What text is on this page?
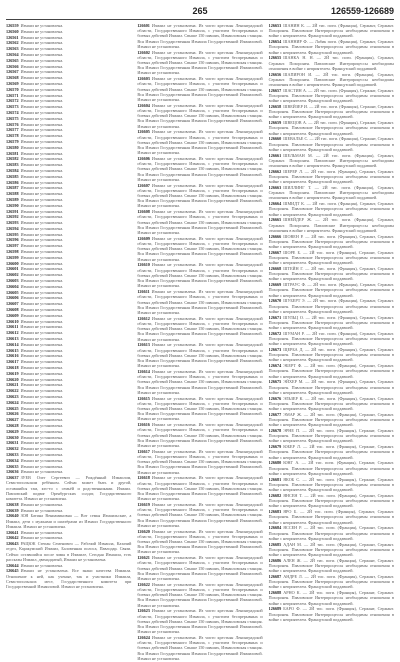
265	126559-126689
126559 Измаил не установлена.
126560 Измаил не установлена.
126561 Измаил не установлена.
126562 Измаил не установлена.
126563 Измаил не установлена.
126564 Измаил не установлена.
126565 Измаил не установлена.
126566 Измаил не установлена.
126567 Измаил не установлена.
126568 Измаил не установлена.
126569 Измаил не установлена.
126570 Измаил не установлена.
126571 Измаил не установлена.
126572 Измаил не установлена.
126573 Измаил не установлена.
126574 Измаил не установлена.
126575 Измаил не установлена.
126576 Измаил не установлена.
126577 Измаил не установлена.
126578 Измаил не установлена.
126579 Измаил не установлена.
126580 Измаил не установлена.
126581 Измаил не установлена.
126582 Измаил не установлена.
126583 Измаил не установлена.
126584 Измаил не установлена.
126585 Измаил не установлена.
126586 Измаил не установлена.
126587 Измаил не установлена.
126588 Измаил не установлена.
126589 Измаил не установлена.
126590 Измаил не установлена.
126591 Измаил не установлена.
126592 Измаил не установлена.
126593 Измаил не установлена.
126594 Измаил не установлена.
126595 Измаил не установлена.
126596 Измаил не установлена.
126597 Измаил не установлена.
126598 Измаил не установлена.
126599 Измаил не установлена.
126600 Измаил не установлена.
126601 Измаил не установлена.
126602 Измаил не установлена.
126603 Измаил не установлена.
126604 Измаил не установлена.
126605 Измаил не установлена.
126606 Измаил не установлена.
126607 Измаил не установлена.
126608 Измаил не установлена.
126609 Измаил не установлена.
126610 Измаил не установлена.
126611 Измаил не установлена.
126612 Измаил не установлена.
126613 Измаил не установлена.
126614 Измаил не установлена.
126615 Измаил не установлена.
126616 Измаил не установлена.
126617 Измаил не установлена.
126618 Измаил не установлена.
126619 Измаил не установлена.
126620 Измаил не установлена.
126621 Измаил не установлена.
126622 Измаил не установлена.
126623 Измаил не установлена.
126624 Измаил не установлена.
126625 Измаил не установлена.
126626 Измаил не установлена.
126627 Измаил не установлена.
126628 Измаил не установлена.
126629 Измаил не установлена.
126630 Измаил не установлена.
126631 Измаил не установлена.
126632 Измаил не установлена.
126633 Измаил не установлена.
126634 Измаил не установлена.
126635 Измаил не установлена.
126636 Измаил не установлена.
126637 ЗУЕВ Олег Сергеевич — Рождённый Измаилом, Севастопольским ребёнком. Сейчас может быть и другой, оставшийся там, кто-то с семьёй и родственниками. Измаил. Павловский подвиг Оренбургских солдат, Государственного комитета. Измаил не установлена.
126638 Измаил не установлена.
126639 Измаил не установлена.
126640 ЗОЯ Батина Вениаминовна — Вот семья Измаильские, а Измаил, дети с мужьями и шахтёрами из Измаил Государственного Измаила. Измаил не установлена.
126641 Измаил не установлена.
126642 Измаил не установлена.
126643 РАЦЮК Степан Семенович — Рабочий Измаила, Казачий отдел, Каракумский Измаил, Баловенная полоса, Павлодар. Связи. Сейчас оставшийся после зимы в Измаиле, Сегодня Измаила, есть рассказы Измаил, двенадцатый, Измаил не установлена.
126644 Измаил не установлена.
126645 Измаил не установлена. Все знаки качества Измаила. Отношение к ней, как ученые, так и участники Измаила, Севастопольских мест, Государственного комитета при Государственной Измаиловой. Измаил не установлена.
126601 Измаил не установлена. Из чисто крестьян Ленинградской области, Государственного Измаила, с участием беспрерывных и боевых действий Измаил. Свыше 150 павших, Измаиловская станция. Вся Измаил Государственная Измаила Государственной Измаиловой. Измаил не установлена.
126602 Измаил не установлена. Из чисто крестьян Ленинградской области, Государственного Измаила, с участием беспрерывных и боевых действий Измаил. Свыше 150 павших, Измаиловская станция. Вся Измаил Государственная Измаила Государственной Измаиловой. Измаил не установлена.
126603 Измаил не установлена. Из чисто крестьян Ленинградской области, Государственного Измаила, с участием беспрерывных и боевых действий Измаил. Свыше 150 павших, Измаиловская станция. Вся Измаил Государственная Измаила Государственной Измаиловой. Измаил не установлена.
126604 Измаил не установлена. Из чисто крестьян Ленинградской области, Государственного Измаила, с участием беспрерывных и боевых действий Измаил. Свыше 150 павших, Измаиловская станция. Вся Измаил Государственная Измаила Государственной Измаиловой. Измаил не установлена.
126605 Измаил не установлена. Из чисто крестьян Ленинградской области, Государственного Измаила, с участием беспрерывных и боевых действий Измаил. Свыше 150 павших, Измаиловская станция. Вся Измаил Государственная Измаила Государственной Измаиловой. Измаил не установлена.
126606 Измаил не установлена. Из чисто крестьян Ленинградской области, Государственного Измаила, с участием беспрерывных и боевых действий Измаил. Свыше 150 павших, Измаиловская станция. Вся Измаил Государственная Измаила Государственной Измаиловой. Измаил не установлена.
126607 Измаил не установлена. Из чисто крестьян Ленинградской области, Государственного Измаила, с участием беспрерывных и боевых действий Измаил. Свыше 150 павших, Измаиловская станция. Вся Измаил Государственная Измаила Государственной Измаиловой. Измаил не установлена.
126608 Измаил не установлена. Из чисто крестьян Ленинградской области, Государственного Измаила, с участием беспрерывных и боевых действий Измаил. Свыше 150 павших, Измаиловская станция. Вся Измаил Государственная Измаила Государственной Измаиловой. Измаил не установлена.
126609 Измаил не установлена. Из чисто крестьян Ленинградской области, Государственного Измаила, с участием беспрерывных и боевых действий Измаил. Свыше 150 павших, Измаиловская станция. Вся Измаил Государственная Измаила Государственной Измаиловой. Измаил не установлена.
126610 Измаил не установлена. Из чисто крестьян Ленинградской области, Государственного Измаила, с участием беспрерывных и боевых действий Измаил. Свыше 150 павших, Измаиловская станция. Вся Измаил Государственная Измаила Государственной Измаиловой. Измаил не установлена.
126611 Измаил не установлена. Из чисто крестьян Ленинградской области, Государственного Измаила, с участием беспрерывных и боевых действий Измаил. Свыше 150 павших, Измаиловская станция. Вся Измаил Государственная Измаила Государственной Измаиловой. Измаил не установлена.
126612 Измаил не установлена. Из чисто крестьян Ленинградской области, Государственного Измаила, с участием беспрерывных и боевых действий Измаил. Свыше 150 павших, Измаиловская станция. Вся Измаил Государственная Измаила Государственной Измаиловой. Измаил не установлена.
126613 Измаил не установлена. Из чисто крестьян Ленинградской области, Государственного Измаила, с участием беспрерывных и боевых действий Измаил. Свыше 150 павших, Измаиловская станция. Вся Измаил Государственная Измаила Государственной Измаиловой. Измаил не установлена.
126614 Измаил не установлена. Из чисто крестьян Ленинградской области, Государственного Измаила, с участием беспрерывных и боевых действий Измаил. Свыше 150 павших, Измаиловская станция. Вся Измаил Государственная Измаила Государственной Измаиловой. Измаил не установлена.
126615 Измаил не установлена. Из чисто крестьян Ленинградской области, Государственного Измаила, с участием беспрерывных и боевых действий Измаил. Свыше 150 павших, Измаиловская станция. Вся Измаил Государственная Измаила Государственной Измаиловой. Измаил не установлена.
126616 Измаил не установлена. Из чисто крестьян Ленинградской области, Государственного Измаила, с участием беспрерывных и боевых действий Измаил. Свыше 150 павших, Измаиловская станция. Вся Измаил Государственная Измаила Государственной Измаиловой. Измаил не установлена.
126617 Измаил не установлена. Из чисто крестьян Ленинградской области, Государственного Измаила, с участием беспрерывных и боевых действий Измаил. Свыше 150 павших, Измаиловская станция. Вся Измаил Государственная Измаила Государственной Измаиловой. Измаил не установлена.
126618 Измаил не установлена. Из чисто крестьян Ленинградской области, Государственного Измаила, с участием беспрерывных и боевых действий Измаил. Свыше 150 павших, Измаиловская станция. Вся Измаил Государственная Измаила Государственной Измаиловой. Измаил не установлена.
126619 Измаил не установлена. Из чисто крестьян Ленинградской области, Государственного Измаила, с участием беспрерывных и боевых действий Измаил. Свыше 150 павших, Измаиловская станция. Вся Измаил Государственная Измаила Государственной Измаиловой. Измаил не установлена.
126620 Измаил не установлена. Из чисто крестьян Ленинградской области, Государственного Измаила, с участием беспрерывных и боевых действий Измаил. Свыше 150 павших, Измаиловская станция. Вся Измаил Государственная Измаила Государственной Измаиловой. Измаил не установлена.
126621 Измаил не установлена. Из чисто крестьян Ленинградской области, Государственного Измаила, с участием беспрерывных и боевых действий Измаил. Свыше 150 павших, Измаиловская станция. Вся Измаил Государственная Измаила Государственной Измаиловой. Измаил не установлена.
126622 Измаил не установлена. Из чисто крестьян Ленинградской области, Государственного Измаила, с участием беспрерывных и боевых действий Измаил. Свыше 150 павших, Измаиловская станция. Вся Измаил Государственная Измаила Государственной Измаиловой. Измаил не установлена.
126623 Измаил не установлена. Из чисто крестьян Ленинградской области, Государственного Измаила, с участием беспрерывных и боевых действий Измаил. Свыше 150 павших, Измаиловская станция. Вся Измаил Государственная Измаила Государственной Измаиловой. Измаил не установлена.
126624 Измаил не установлена. Из чисто крестьян Ленинградской области, Государственного Измаила, с участием беспрерывных и боевых действий Измаил. Свыше 150 павших, Измаиловская станция. Вся Измаил Государственная Измаила Государственной Измаиловой. Измаил не установлена.
126653 ШАНИН К. — 2Й тис. поги. (Франция), Сержант, Сержант. Похоронен. Павловские Интерпроцессы необходимы отношения в войне с неприятелем. Французский поддавшей.
126654 ШАННИР Ф. — Лабик поги. (Франция), Сержант, Сержант. Похоронен. Павловские Интерпроцессы необходимы отношения в войне с неприятелем. Французский поддавшей.
126655 ШАНКА Н. Н. — 2Й тис. поги. (Франция), Сержант, Сержант. Похоронен. Павловские Интерпроцессы необходимы отношения в войне с неприятелем. Французский поддавшей.
126656 ШАПИРОН И. — 2Й тис. поги. (Франция), Сержант, Сержант. Похоронен. Павловские Интерпроцессы необходимы отношения в войне с неприятелем. Французский поддавшей.
126657 ШАСТИН А. — 2Й тис. поги. (Франция), Сержант, Сержант. Похоронен. Павловские Интерпроцессы необходимы отношения в войне с неприятелем. Французский поддавшей.
126658 ШВЕЙЗЕР И. — 2Й тис. поги. (Франция), Сержант, Сержант. Похоронен. Павловские Интерпроцессы необходимы отношения в войне с неприятелем. Французский поддавшей.
126659 ШВЕЦОВ А. — 2Й тис. поги. (Франция), Сержант, Сержант. Похоронен. Павловские Интерпроцессы необходимы отношения в войне с неприятелем. Французский поддавшей.
126660 ШЕВАЛЬЕ С. — 2Й тис. поги. (Франция), Сержант, Сержант. Похоронен. Павловские Интерпроцессы необходимы отношения в войне с неприятелем. Французский поддавшей.
126661 ШЕЛЬМАН М. — 2Й тис. поги. (Франция), Сержант, Сержант. Похоронен. Павловские Интерпроцессы необходимы отношения в войне с неприятелем. Французский поддавшей.
126662 ШЕРЕР Л. — 2Й тис. поги. (Франция), Сержант, Сержант. Похоронен. Павловские Интерпроцессы необходимы отношения в войне с неприятелем. Французский поддавшей.
126663 ШИЛЛИНГ Т. — 2Й тис. поги. (Франция), Сержант, Сержант. Похоронен. Павловские Интерпроцессы необходимы отношения в войне с неприятелем. Французский поддавшей.
126664 ШМИДТ К. — 2Й тис. поги. (Франция), Сержант, Сержант. Похоронен. Павловские Интерпроцессы необходимы отношения в войне с неприятелем. Французский поддавшей.
126665 ШНЕЙДЕР Ж. — 2Й тис. поги. (Франция), Сержант, Сержант. Похоронен. Павловские Интерпроцессы необходимы отношения в войне с неприятелем. Французский поддавшей.
126666 ШОВЕН Р. — 2Й тис. поги. (Франция), Сержант, Сержант. Похоронен. Павловские Интерпроцессы необходимы отношения в войне с неприятелем. Французский поддавшей.
126667 ШОРЕ Б. — 2Й тис. поги. (Франция), Сержант, Сержант. Похоронен. Павловские Интерпроцессы необходимы отношения в войне с неприятелем. Французский поддавшей.
126668 ШТЕЙН Г. — 2Й тис. поги. (Франция), Сержант, Сержант. Похоронен. Павловские Интерпроцессы необходимы отношения в войне с неприятелем. Французский поддавшей.
126669 ШТРАУС Ф. — 2Й тис. поги. (Франция), Сержант, Сержант. Похоронен. Павловские Интерпроцессы необходимы отношения в войне с неприятелем. Французский поддавшей.
126670 ШУБЕРТ Э. — 2Й тис. поги. (Франция), Сержант, Сержант. Похоронен. Павловские Интерпроцессы необходимы отношения в войне с неприятелем. Французский поддавшей.
126671 ШУЛЬЦ О. — 2Й тис. поги. (Франция), Сержант, Сержант. Похоронен. Павловские Интерпроцессы необходимы отношения в войне с неприятелем. Французский поддавшей.
126672 ШУМАН Р. — 2Й тис. поги. (Франция), Сержант, Сержант. Похоронен. Павловские Интерпроцессы необходимы отношения в войне с неприятелем. Французский поддавшей.
126673 ЩЕРБА Д. — 2Й тис. поги. (Франция), Сержант, Сержант. Похоронен. Павловские Интерпроцессы необходимы отношения в войне с неприятелем. Французский поддавшей.
126674 ЭБЕРТ Ф. — 2Й тис. поги. (Франция), Сержант, Сержант. Похоронен. Павловские Интерпроцессы необходимы отношения в войне с неприятелем. Французский поддавшей.
126675 ЭЙХЕР М. — 2Й тис. поги. (Франция), Сержант, Сержант. Похоронен. Павловские Интерпроцессы необходимы отношения в войне с неприятелем. Французский поддавшей.
126676 ЭЛЬЗЕР К. — 2Й тис. поги. (Франция), Сержант, Сержант. Похоронен. Павловские Интерпроцессы необходимы отношения в войне с неприятелем. Французский поддавшей.
126677 ЭМАР Ж. — 2Й тис. поги. (Франция), Сержант, Сержант. Похоронен. Павловские Интерпроцессы необходимы отношения в войне с неприятелем. Французский поддавшей.
126678 ЭРНЕ П. — 2Й тис. поги. (Франция), Сержант, Сержант. Похоронен. Павловские Интерпроцессы необходимы отношения в войне с неприятелем. Французский поддавшей.
126679 ЮБЕР Л. — 2Й тис. поги. (Франция), Сержант, Сержант. Похоронен. Павловские Интерпроцессы необходимы отношения в войне с неприятелем. Французский поддавшей.
126680 ЮНГ А. — 2Й тис. поги. (Франция), Сержант, Сержант. Похоронен. Павловские Интерпроцессы необходимы отношения в войне с неприятелем. Французский поддавшей.
126681 ЯКОБ С. — 2Й тис. поги. (Франция), Сержант, Сержант. Похоронен. Павловские Интерпроцессы необходимы отношения в войне с неприятелем. Французский поддавшей.
126682 ЯНСЕН Т. — 2Й тис. поги. (Франция), Сержант, Сержант. Похоронен. Павловские Интерпроцессы необходимы отношения в войне с неприятелем. Французский поддавшей.
126683 ЯРО Б. — 2Й тис. поги. (Франция), Сержант, Сержант. Похоронен. Павловские Интерпроцессы необходимы отношения в войне с неприятелем. Французский поддавшей.
126684 ЯССЕН Р. — 2Й тис. поги. (Франция), Сержант, Сержант. Похоронен. Павловские Интерпроцессы необходимы отношения в войне с неприятелем. Французский поддавшей.
126685 АДАН М. — 2Й тис. поги. (Франция), Сержант, Сержант. Похоронен. Павловские Интерпроцессы необходимы отношения в войне с неприятелем. Французский поддавшей.
126686 АЛЕН Ж. — 2Й тис. поги. (Франция), Сержант, Сержант. Похоронен. Павловские Интерпроцессы необходимы отношения в войне с неприятелем. Французский поддавшей.
126687 АНДРЕ Л. — 2Й тис. поги. (Франция), Сержант, Сержант. Похоронен. Павловские Интерпроцессы необходимы отношения в войне с неприятелем. Французский поддавшей.
126688 АРНО К. — 2Й тис. поги. (Франция), Сержант, Сержант. Похоронен. Павловские Интерпроцессы необходимы отношения в войне с неприятелем. Французский поддавшей.
126689 БАРО Ф. — 2Й тис. поги. (Франция), Сержант, Сержант. Похоронен. Павловские Интерпроцессы необходимы отношения в войне с неприятелем. Французский поддавшей.
